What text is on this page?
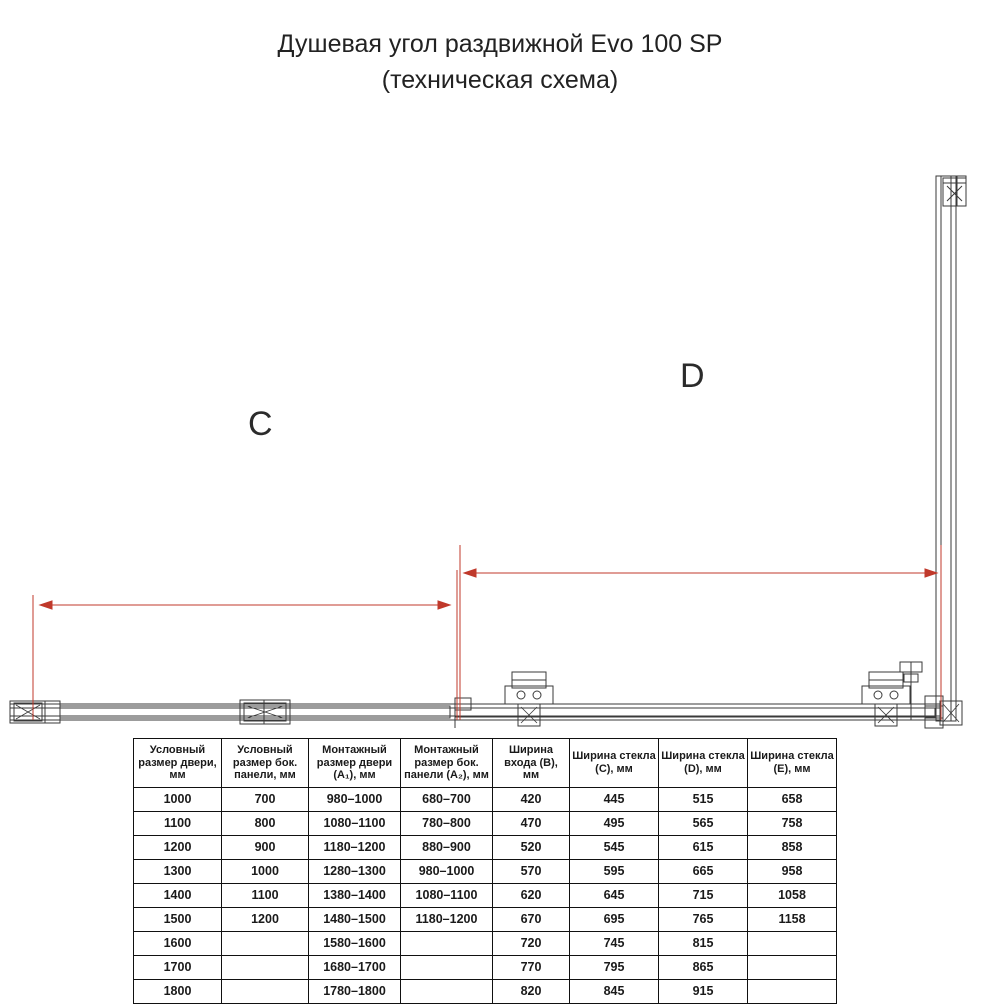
Душевая угол раздвижной Evo 100 SP
(техническая схема)
C
D
Условный размер двери, мм	Условный размер бок. панели, мм	Монтажный размер двери (A₁), мм	Монтажный размер бок. панели (A₂), мм	Ширина входа (B), мм	Ширина стекла (C), мм	Ширина стекла (D), мм	Ширина стекла (E), мм
1000	700	980–1000	680–700	420	445	515	658
1100	800	1080–1100	780–800	470	495	565	758
1200	900	1180–1200	880–900	520	545	615	858
1300	1000	1280–1300	980–1000	570	595	665	958
1400	1100	1380–1400	1080–1100	620	645	715	1058
1500	1200	1480–1500	1180–1200	670	695	765	1158
1600		1580–1600		720	745	815	
1700		1680–1700		770	795	865	
1800		1780–1800		820	845	915	
